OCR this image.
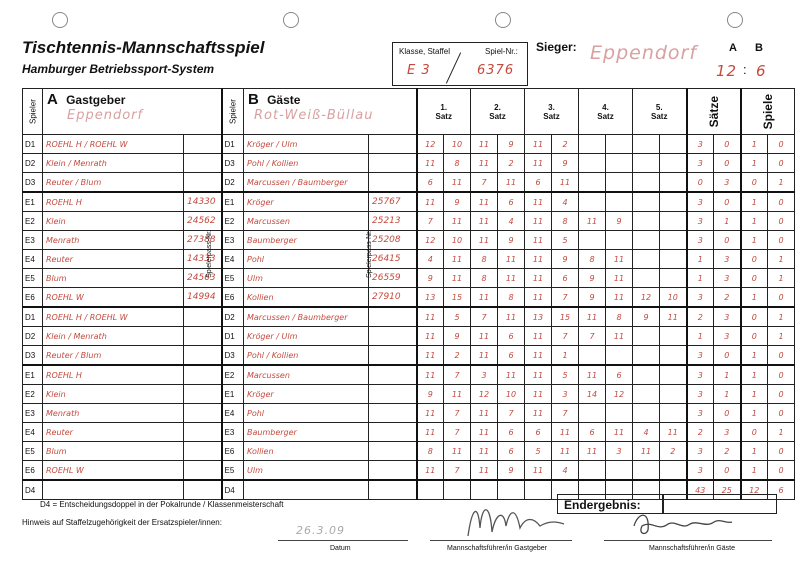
Tischtennis-Mannschaftsspiel
Hamburger Betriebssport-System
Klasse, Staffel	Spiel-Nr.:
E 3	6376
Sieger: Eppendorf	A B
12 : 6
Spieler	A Gastgeber
Eppendorf		Spieler	B Gäste
Rot-Weiß-Büllau		1.
Satz		2.
Satz		3.
Satz		4.
Satz		5.
Satz		Sätze		Spiele	

D1	ROEHL H / ROEHL W		D1	Kröger / Ulm		12	10	11	9	11	2					3	0	1	0
D2	Klein / Menrath		D3	Pohl / Kollien		11	8	11	2	11	9					3	0	1	0
D3	Reuter / Blum		D2	Marcussen / Baumberger		6	11	7	11	6	11					0	3	0	1
E1	ROEHL H	14330	E1	Kröger	25767	11	9	11	6	11	4					3	0	1	0
E2	Klein	24562	E2	Marcussen	25213	7	11	11	4	11	8	11	9			3	1	1	0
E3	Menrath	27388	E3	Baumberger	25208	12	10	11	9	11	5					3	0	1	0
E4	Reuter	14333	E4	Pohl	26415	4	11	8	11	11	9	8	11			1	3	0	1
E5	Blum	24563	E5	Ulm	26559	9	11	8	11	11	6	9	11			1	3	0	1
E6	ROEHL W	14994	E6	Kollien	27910	13	15	11	8	11	7	9	11	12	10	3	2	1	0
D1	ROEHL H / ROEHL W		D2	Marcussen / Baumberger		11	5	7	11	13	15	11	8	9	11	2	3	0	1
D2	Klein / Menrath		D1	Kröger / Ulm		11	9	11	6	11	7	7	11			1	3	0	1
D3	Reuter / Blum		D3	Pohl / Kollien		11	2	11	6	11	1					3	0	1	0
E1	ROEHL H		E2	Marcussen		11	7	3	11	11	5	11	6			3	1	1	0
E2	Klein		E1	Kröger		9	11	12	10	11	3	14	12			3	1	1	0
E3	Menrath		E4	Pohl		11	7	11	7	11	7					3	0	1	0
E4	Reuter		E3	Baumberger		11	7	11	6	6	11	6	11	4	11	2	3	0	1
E5	Blum		E6	Kollien		8	11	11	6	5	11	11	3	11	2	3	2	1	0
E6	ROEHL W		E5	Ulm		11	7	11	9	11	4					3	0	1	0
D4			D4													43	25	12	6
Spielerpass-Nr.	Spielerpass-Nr.
D4 = Entscheidungsdoppel in der Pokalrunde / Klassenmeisterschaft	Endergebnis:
Hinweis auf Staffelzugehörigkeit der Ersatzspieler/innen:
26.3.09
Datum	Mannschaftsführer/in Gastgeber	Mannschaftsführer/in Gäste
